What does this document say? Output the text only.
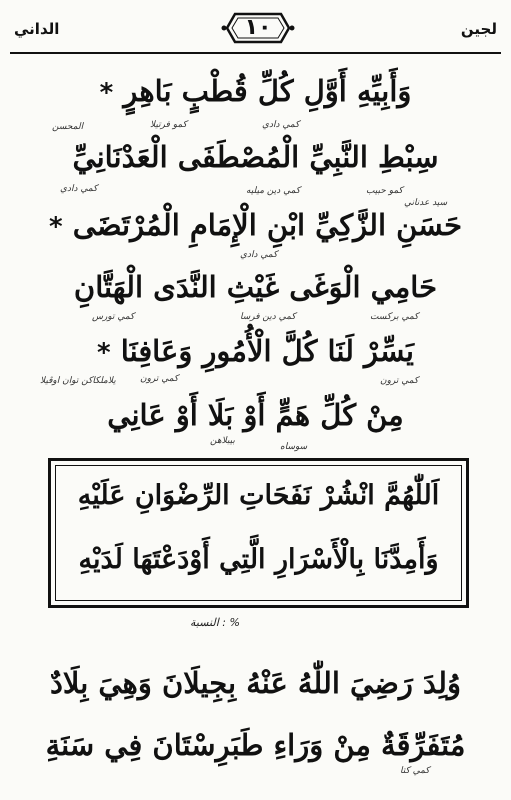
الداني	١٠	لجين
وَأَبِيِّهِ أَوَّلِ كُلِّ قُطْبٍ بَاهِرٍ *
سِبْطِ النَّبِيِّ الْمُصْطَفَى الْعَدْنَانِيِّ
حَسَنِ الزَّكِيِّ ابْنِ الْإِمَامِ الْمُرْتَضَى *
حَامِي الْوَغَى غَيْثِ النَّدَى الْهَتَّانِ
يَسِّرْ لَنَا كُلَّ الْأُمُورِ وَعَافِنَا *
مِنْ كُلِّ هَمٍّ أَوْ بَلَا أَوْ عَانِي
كمو فرتيلا
المحسن	كمي دادي
كمي دادي	كمي دين ميليه	كمو حبيب
سيد عدناني
كمي دادي
كمي دين فرسا	كمي بركست
كمي تورس
كمي ترون
يلاملكاكن توان اوڤيلا	كمي ترون
بيبلاهن
سوساه
كمي كتا
اَللّٰهُمَّ انْشُرْ نَفَحَاتِ الرِّضْوَانِ عَلَيْهِ
وَأَمِدَّنَا بِالْأَسْرَارِ الَّتِي أَوْدَعْتَهَا لَدَيْهِ
النسبة : %
وُلِدَ رَضِيَ اللّٰهُ عَنْهُ بِجِيلَانَ وَهِيَ بِلَادٌ
مُتَفَرِّقَةٌ مِنْ وَرَاءِ طَبَرِسْتَانَ فِي سَنَةِ
